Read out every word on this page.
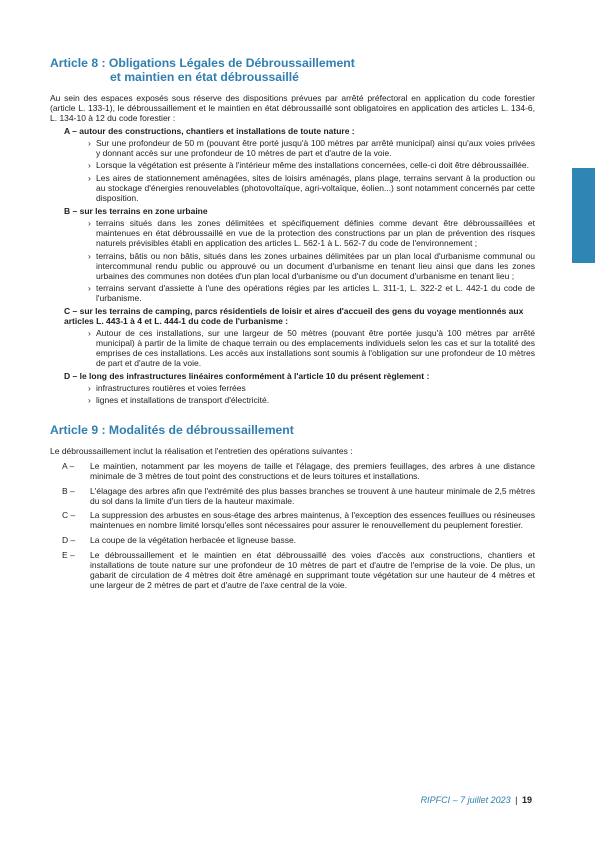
Article 8 : Obligations Légales de Débroussaillement
et maintien en état débroussaillé

Au sein des espaces exposés sous réserve des dispositions prévues par arrêté préfectoral en application du code forestier (article L. 133-1), le débroussaillement et le maintien en état débroussaillé sont obligatoires en application des articles L. 134-6, L. 134-10 à 12 du code forestier :

A – autour des constructions, chantiers et installations de toute nature :
› Sur une profondeur de 50 m (pouvant être porté jusqu'à 100 mètres par arrêté municipal) ainsi qu'aux voies privées y donnant accès sur une profondeur de 10 mètres de part et d'autre de la voie.
› Lorsque la végétation est présente à l'intérieur même des installations concernées, celle-ci doit être débroussaillée.
› Les aires de stationnement aménagées, sites de loisirs aménagés, plans plage, terrains servant à la production ou au stockage d'énergies renouvelables (photovoltaïque, agri-voltaïque, éolien...) sont notamment concernés par cette disposition.
B – sur les terrains en zone urbaine
› terrains situés dans les zones délimitées et spécifiquement définies comme devant être débroussaillées et maintenues en état débroussaillé en vue de la protection des constructions par un plan de prévention des risques naturels prévisibles établi en application des articles L. 562-1 à L. 562-7 du code de l'environnement ;
› terrains, bâtis ou non bâtis, situés dans les zones urbaines délimitées par un plan local d'urbanisme communal ou intercommunal rendu public ou approuvé ou un document d'urbanisme en tenant lieu ainsi que dans les zones urbaines des communes non dotées d'un plan local d'urbanisme ou d'un document d'urbanisme en tenant lieu ;
› terrains servant d'assiette à l'une des opérations régies par les articles L. 311-1, L. 322-2 et L. 442-1 du code de l'urbanisme.
C – sur les terrains de camping, parcs résidentiels de loisir et aires d'accueil des gens du voyage mentionnés aux articles L. 443-1 à 4 et L. 444-1 du code de l'urbanisme :
› Autour de ces installations, sur une largeur de 50 mètres (pouvant être portée jusqu'à 100 mètres par arrêté municipal) à partir de la limite de chaque terrain ou des emplacements individuels selon les cas et sur la totalité des emprises de ces installations. Les accès aux installations sont soumis à l'obligation sur une profondeur de 10 mètres de part et d'autre de la voie.
D – le long des infrastructures linéaires conformément à l'article 10 du présent règlement :
› infrastructures routières et voies ferrées
› lignes et installations de transport d'électricité.
Article 9 : Modalités de débroussaillement

Le débroussaillement inclut la réalisation et l'entretien des opérations suivantes :

A – Le maintien, notamment par les moyens de taille et l'élagage, des premiers feuillages, des arbres à une distance minimale de 3 mètres de tout point des constructions et de leurs toitures et installations.
B – L'élagage des arbres afin que l'extrémité des plus basses branches se trouvent à une hauteur minimale de 2,5 mètres du sol dans la limite d'un tiers de la hauteur maximale.
C – La suppression des arbustes en sous-étage des arbres maintenus, à l'exception des essences feuillues ou résineuses maintenues en nombre limité lorsqu'elles sont nécessaires pour assurer le renouvellement du peuplement forestier.
D – La coupe de la végétation herbacée et ligneuse basse.
E – Le débroussaillement et le maintien en état débroussaillé des voies d'accès aux constructions, chantiers et installations de toute nature sur une profondeur de 10 mètres de part et d'autre de l'emprise de la voie. De plus, un gabarit de circulation de 4 mètres doit être aménagé en supprimant toute végétation sur une hauteur de 4 mètres et une largeur de 2 mètres de part et d'autre de l'axe central de la voie.
RIPFCI – 7 juillet 2023 | 19
